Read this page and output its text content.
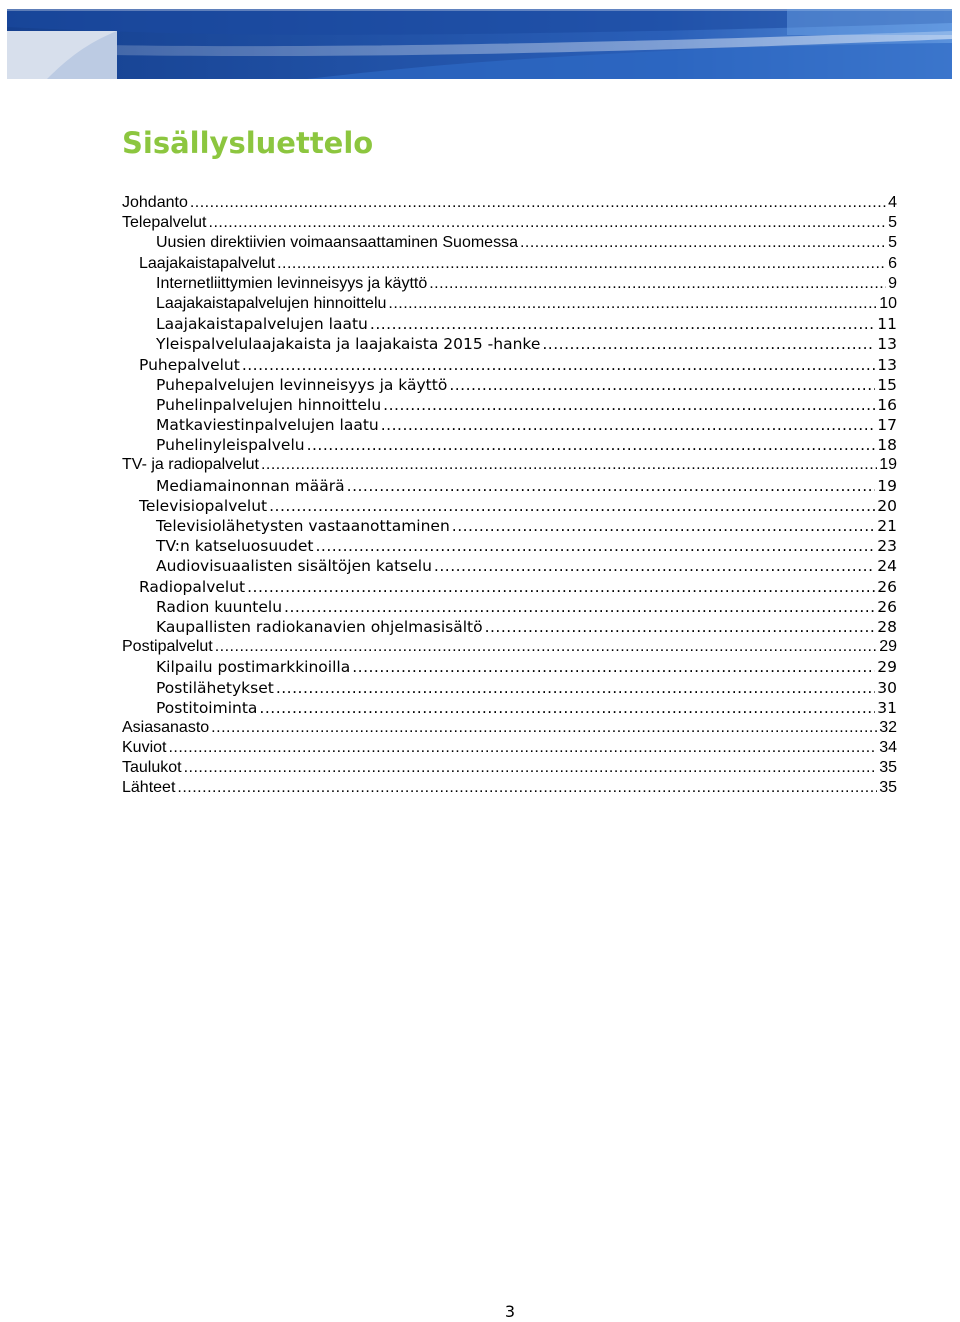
Sisällysluettelo
Johdanto .....	4
Telepalvelut .....	5
Uusien direktiivien voimaansaattaminen Suomessa .....	5
Laajakaistapalvelut .....	6
Internetliittymien levinneisyys ja käyttö .....	9
Laajakaistapalvelujen hinnoittelu .....	10
Laajakaistapalvelujen laatu .....	11
Yleispalvelulaajakaista ja laajakaista 2015 -hanke .....	13
Puhepalvelut .....	13
Puhepalvelujen levinneisyys ja käyttö .....	15
Puhelinpalvelujen hinnoittelu .....	16
Matkaviestinpalvelujen laatu .....	17
Puhelinyleispalvelu .....	18
TV- ja radiopalvelut .....	19
Mediamainonnan määrä .....	19
Televisiopalvelut .....	20
Televisiolähetysten vastaanottaminen .....	21
TV:n katseluosuudet .....	23
Audiovisuaalisten sisältöjen katselu .....	24
Radiopalvelut .....	26
Radion kuuntelu .....	26
Kaupallisten radiokanavien ohjelmasisältö .....	28
Postipalvelut .....	29
Kilpailu postimarkkinoilla .....	29
Postilähetykset .....	30
Postitoiminta .....	31
Asiasanasto .....	32
Kuviot .....	34
Taulukot .....	35
Lähteet .....	35
3
